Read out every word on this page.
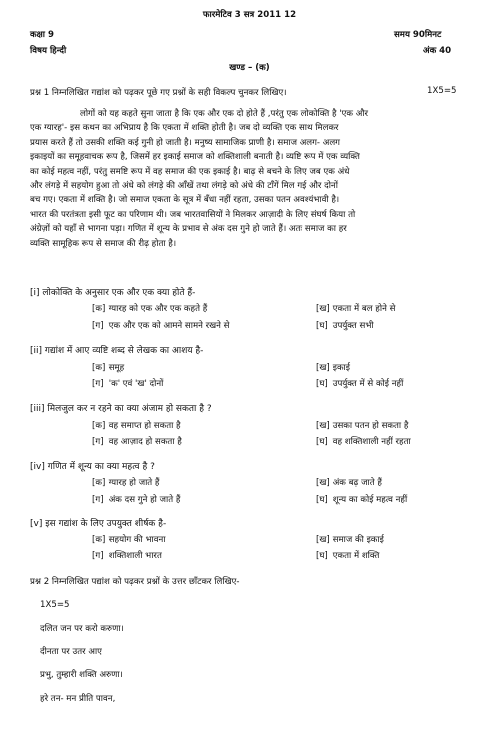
फारमेटिव 3 सत्र 2011 12
कक्षा 9	समय 90मिनट
विषय हिन्दी	अंक 40
खण्ड – (क)
प्रश्न 1 निम्नलिखित गद्यांश को पढ़कर पूछे गए प्रश्नों के सही विकल्प चुनकर लिखिए।	1X5=5

लोगों को यह कहते सुना जाता है कि एक और एक दो होते हैं ,परंतु एक लोकोक्ति है 'एक और

एक ग्यारह'- इस कथन का अभिप्राय है कि एकता में शक्ति होती है। जब दो व्यक्ति एक साथ मिलकर

प्रयास करते हैं तो उसकी शक्ति कई गुनी हो जाती है। मनुष्य सामाजिक प्राणी है। समाज अलग- अलग

इकाइयों का समूहवाचक रूप है, जिसमें हर इकाई समाज को शक्तिशाली बनाती है। व्यष्टि रूप में एक व्यक्ति

का कोई महत्व नहीं, परंतु समष्टि रूप में वह समाज की एक इकाई है। बाढ़ से बचने के लिए जब एक अंधे

और लंगड़े में सहयोग हुआ तो अंधे को लंगड़े की आँखें तथा लंगड़े को अंधे की टाँगें मिल गई और दोनों

बच गए। एकता में शक्ति है। जो समाज एकता के सूत्र में बँधा नहीं रहता, उसका पतन अवश्यंभावी है।

भारत की परतंत्रता इसी फूट का परिणाम थी। जब भारतवासियों ने मिलकर आज़ादी के लिए संघर्ष किया तो

अंग्रेज़ों को यहाँ से भागना पड़ा। गणित में शून्य के प्रभाव से अंक दस गुने हो जाते हैं। अतः समाज का हर

व्यक्ति सामूहिक रूप से समाज की रीढ़ होता है।

[i] लोकोक्ति के अनुसार एक और एक क्या होते हैं-
[क] ग्यारह को एक और एक कहते हैं	[ख] एकता में बल होने से
[ग] एक और एक को आमने सामने रखने से	[घ] उपर्युक्त सभी
[ii] गद्यांश में आए व्यष्टि शब्द से लेखक का आशय है-
[क] समूह	[ख] इकाई
[ग] 'क' एवं 'ख' दोनों	[घ] उपर्युक्त में से कोई नहीं
[iii] मिलजुल कर न रहने का क्या अंजाम हो सकता है ?
[क] वह समाप्त हो सकता है	[ख] उसका पतन हो सकता है
[ग] वह आज़ाद हो सकता है	[घ] वह शक्तिशाली नहीं रहता
[iv] गणित में शून्य का क्या महत्व है ?
[क] ग्यारह हो जाते हैं	[ख] अंक बढ़ जाते हैं
[ग] अंक दस गुने हो जाते हैं	[घ] शून्य का कोई महत्व नहीं
[v] इस गद्यांश के लिए उपयुक्त शीर्षक है-
[क] सहयोग की भावना	[ख] समाज की इकाई
[ग] शक्तिशाली भारत	[घ] एकता में शक्ति
प्रश्न 2 निम्नलिखित पद्यांश को पढ़कर प्रश्नों के उत्तर छाँटकर लिखिए-
1X5=5
दलित जन पर करो करुणा।
दीनता पर उतर आए
प्रभु, तुम्हारी शक्ति अरुणा।
हरे तन- मन प्रीति पावन,
